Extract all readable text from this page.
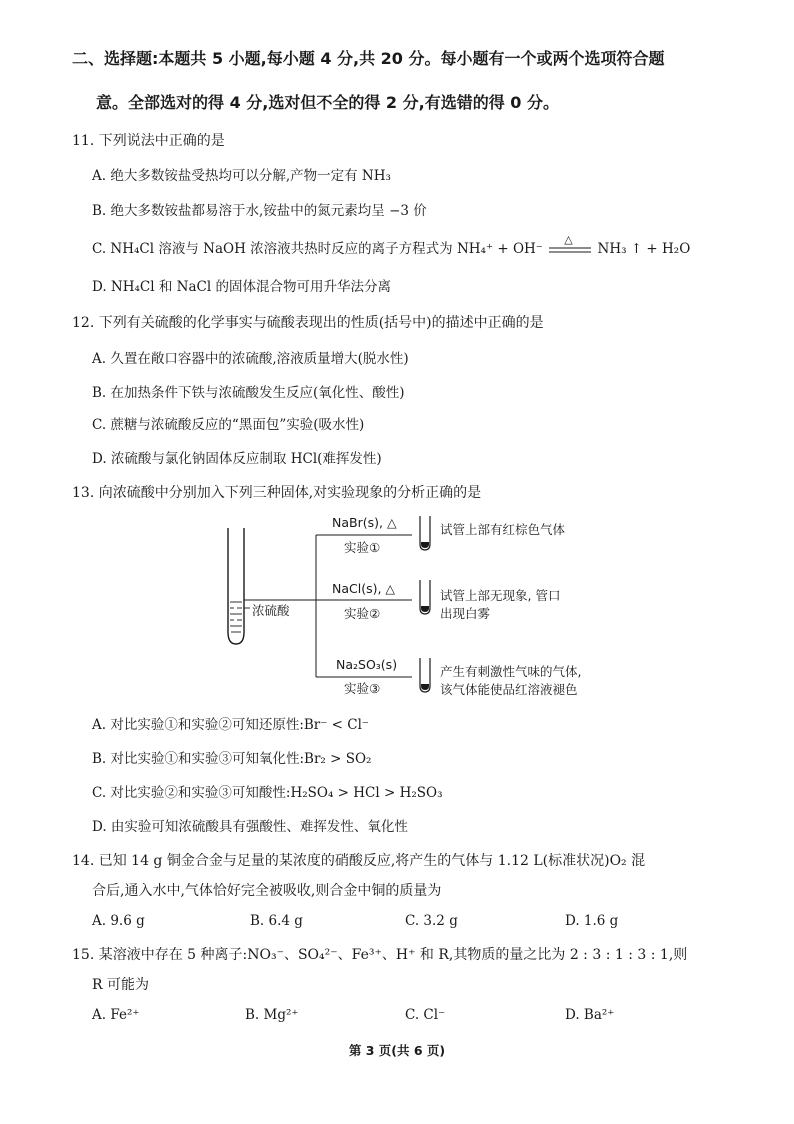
二、选择题:本题共 5 小题,每小题 4 分,共 20 分。每小题有一个或两个选项符合题
意。全部选对的得 4 分,选对但不全的得 2 分,有选错的得 0 分。
11. 下列说法中正确的是
A. 绝大多数铵盐受热均可以分解,产物一定有 NH₃
B. 绝大多数铵盐都易溶于水,铵盐中的氮元素均呈 −3 价
C. NH₄Cl 溶液与 NaOH 浓溶液共热时反应的离子方程式为 NH₄⁺ + OH⁻
△
NH₃ ↑ + H₂O
D. NH₄Cl 和 NaCl 的固体混合物可用升华法分离
12. 下列有关硫酸的化学事实与硫酸表现出的性质(括号中)的描述中正确的是
A. 久置在敞口容器中的浓硫酸,溶液质量增大(脱水性)
B. 在加热条件下铁与浓硫酸发生反应(氧化性、酸性)
C. 蔗糖与浓硫酸反应的“黑面包”实验(吸水性)
D. 浓硫酸与氯化钠固体反应制取 HCl(难挥发性)
13. 向浓硫酸中分别加入下列三种固体,对实验现象的分析正确的是
浓硫酸
NaBr(s), △
实验①
试管上部有红棕色气体
NaCl(s), △
实验②
试管上部无现象, 管口
出现白雾
Na₂SO₃(s)
实验③
产生有刺激性气味的气体,
该气体能使品红溶液褪色
A. 对比实验①和实验②可知还原性:Br⁻ < Cl⁻
B. 对比实验①和实验③可知氧化性:Br₂ > SO₂
C. 对比实验②和实验③可知酸性:H₂SO₄ > HCl > H₂SO₃
D. 由实验可知浓硫酸具有强酸性、难挥发性、氧化性
14. 已知 14 g 铜金合金与足量的某浓度的硝酸反应,将产生的气体与 1.12 L(标准状况)O₂ 混
合后,通入水中,气体恰好完全被吸收,则合金中铜的质量为
A. 9.6 g	B. 6.4 g	C. 3.2 g	D. 1.6 g
15. 某溶液中存在 5 种离子:NO₃⁻、SO₄²⁻、Fe³⁺、H⁺ 和 R,其物质的量之比为 2 : 3 : 1 : 3 : 1,则
R 可能为
A. Fe²⁺	B. Mg²⁺	C. Cl⁻	D. Ba²⁺
第 3 页(共 6 页)
